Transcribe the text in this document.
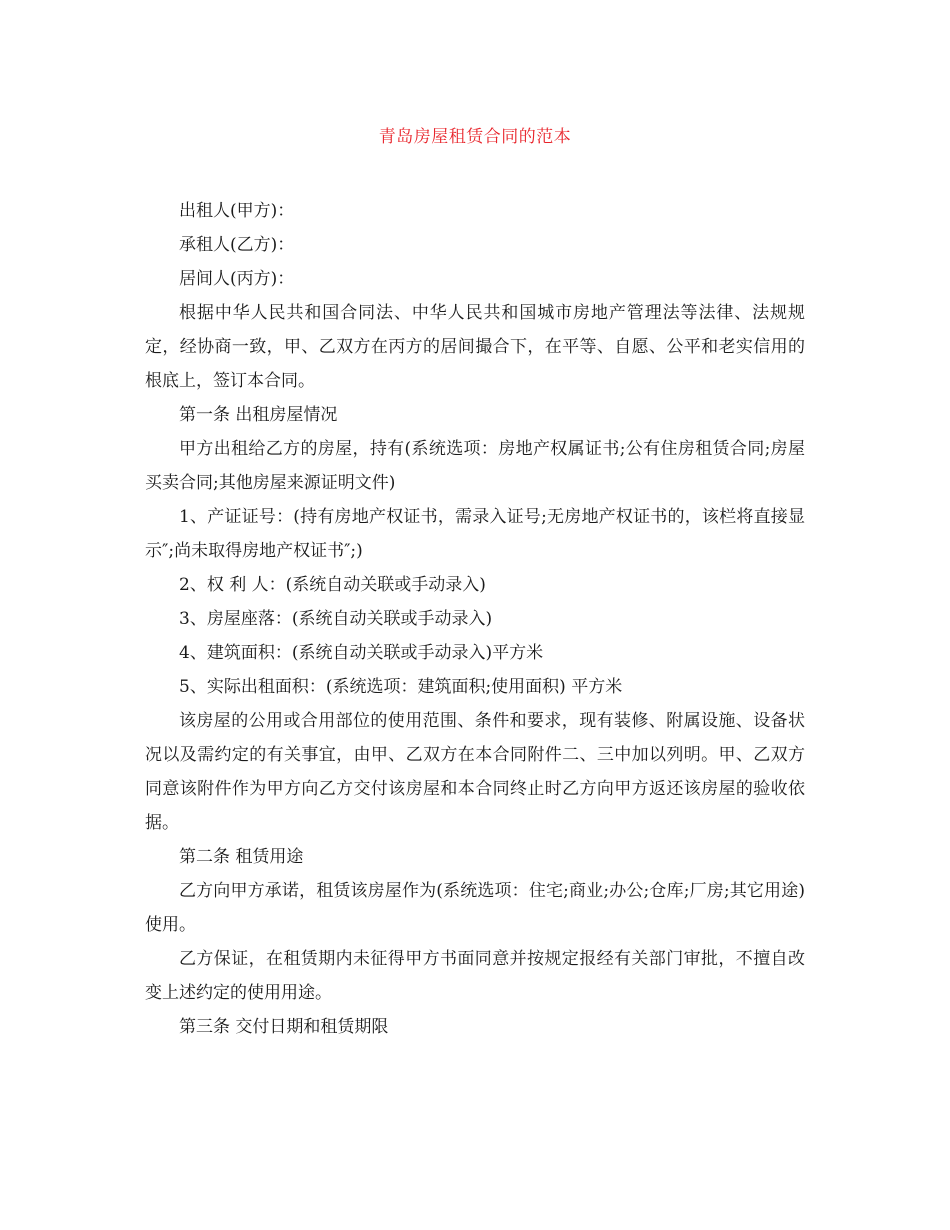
青岛房屋租赁合同的范本

出租人(甲方)：

承租人(乙方)：

居间人(丙方)：

根据中华人民共和国合同法、中华人民共和国城市房地产管理法等法律、法规规定，经协商一致，甲、乙双方在丙方的居间撮合下，在平等、自愿、公平和老实信用的根底上，签订本合同。

第一条 出租房屋情况

甲方出租给乙方的房屋，持有(系统选项：房地产权属证书;公有住房租赁合同;房屋买卖合同;其他房屋来源证明文件)

1、产证证号：(持有房地产权证书，需录入证号;无房地产权证书的，该栏将直接显示″;尚未取得房地产权证书″;)

2、权 利 人：(系统自动关联或手动录入)

3、房屋座落：(系统自动关联或手动录入)

4、建筑面积：(系统自动关联或手动录入)平方米

5、实际出租面积：(系统选项：建筑面积;使用面积) 平方米

该房屋的公用或合用部位的使用范围、条件和要求，现有装修、附属设施、设备状况以及需约定的有关事宜，由甲、乙双方在本合同附件二、三中加以列明。甲、乙双方同意该附件作为甲方向乙方交付该房屋和本合同终止时乙方向甲方返还该房屋的验收依据。

第二条 租赁用途

乙方向甲方承诺，租赁该房屋作为(系统选项：住宅;商业;办公;仓库;厂房;其它用途)使用。

乙方保证，在租赁期内未征得甲方书面同意并按规定报经有关部门审批，不擅自改变上述约定的使用用途。

第三条 交付日期和租赁期限
